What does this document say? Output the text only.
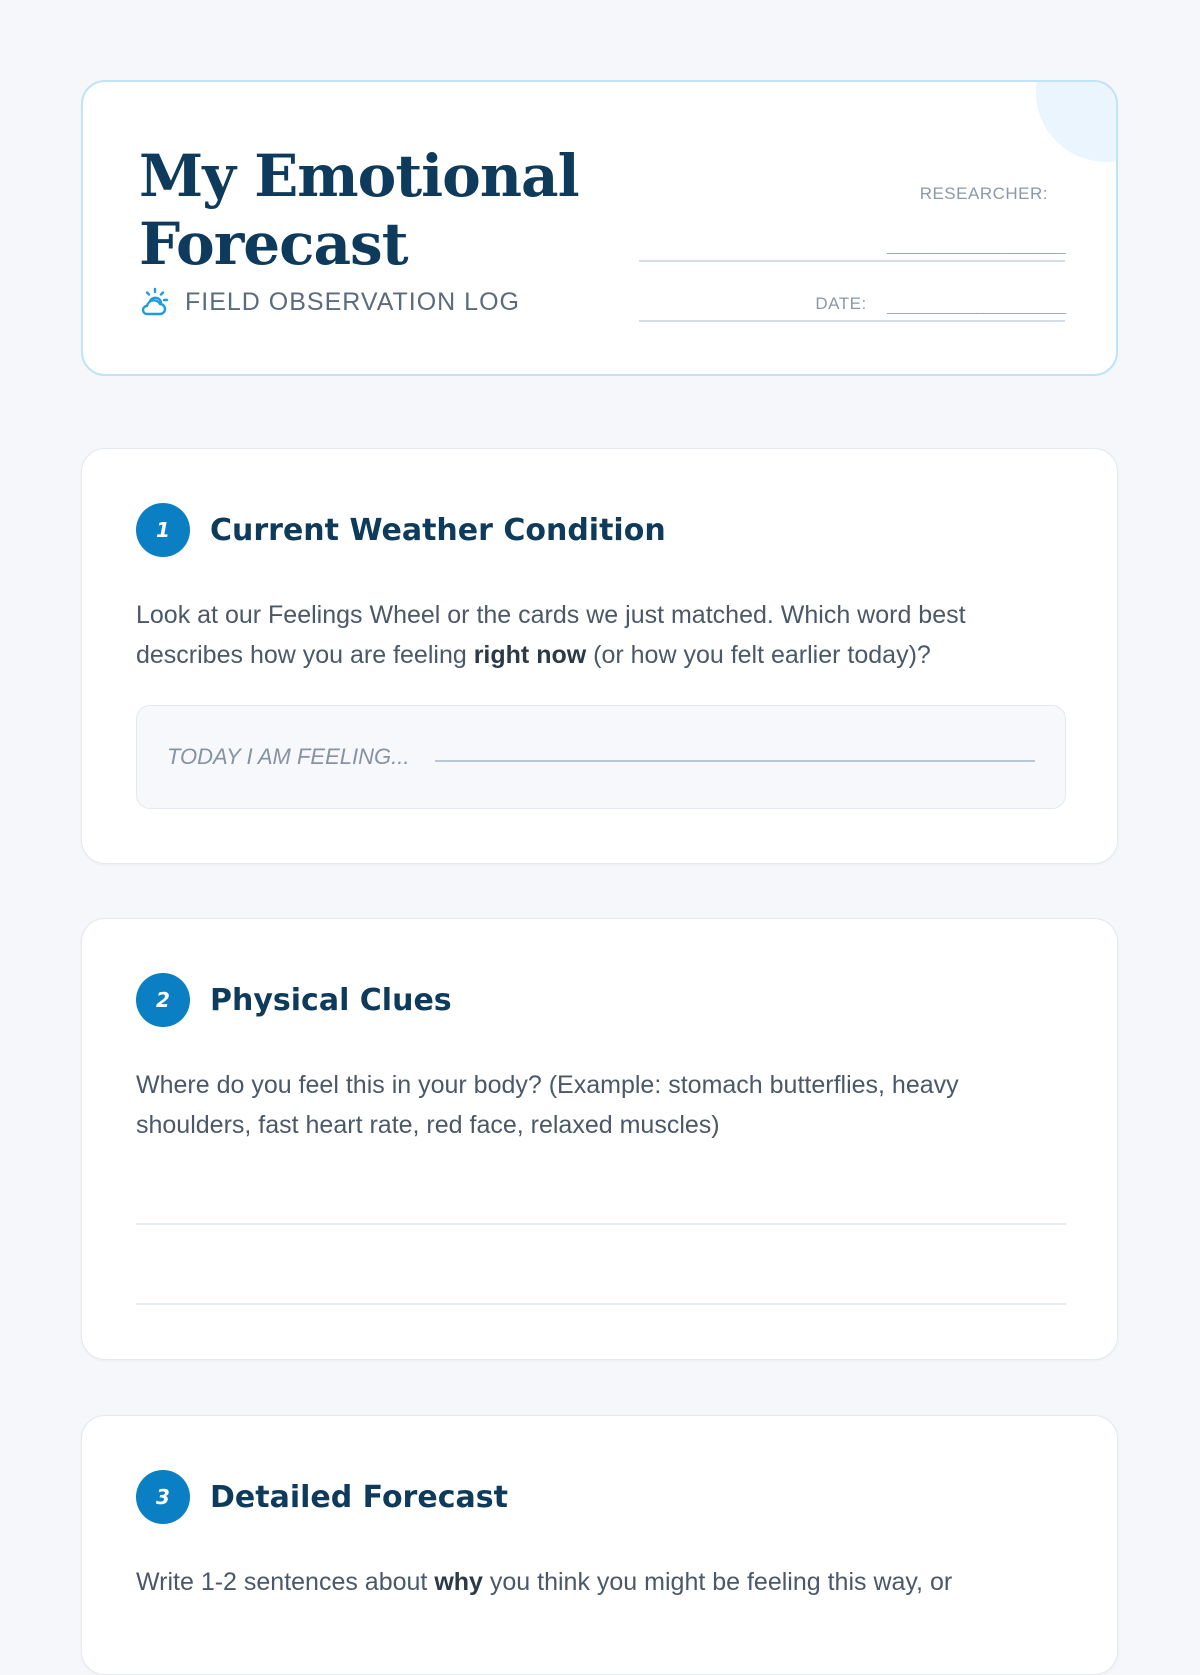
My Emotional
Forecast
FIELD OBSERVATION LOG
RESEARCHER:
________________________
DATE: ________________________
1	Current Weather Condition

Look at our Feelings Wheel or the cards we just matched. Which word best describes how you are feeling right now (or how you felt earlier today)?

TODAY I AM FEELING...
2	Physical Clues

Where do you feel this in your body? (Example: stomach butterflies, heavy shoulders, fast heart rate, red face, relaxed muscles)

3	Detailed Forecast

Write 1-2 sentences about why you think you might be feeling this way, or
